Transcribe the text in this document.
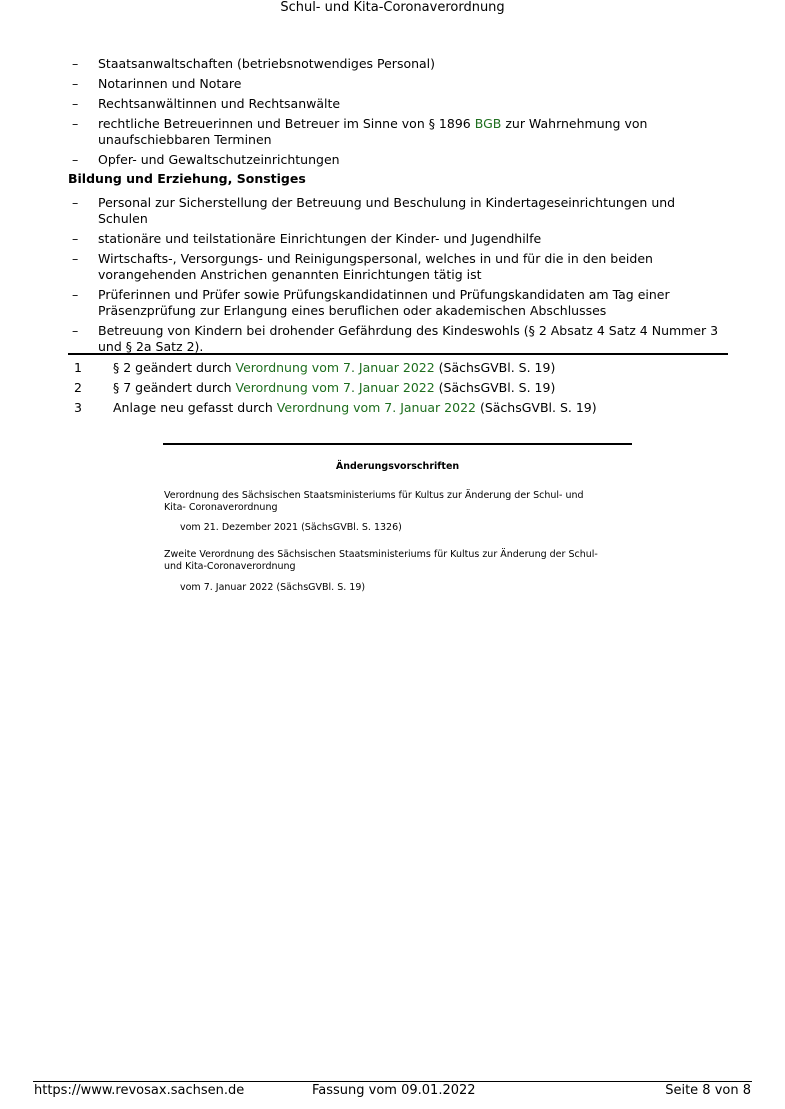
Schul- und Kita-Coronaverordnung
– Staatsanwaltschaften (betriebsnotwendiges Personal)
– Notarinnen und Notare
– Rechtsanwältinnen und Rechtsanwälte
– rechtliche Betreuerinnen und Betreuer im Sinne von § 1896 BGB zur Wahrnehmung von
unaufschiebbaren Terminen
– Opfer- und Gewaltschutzeinrichtungen
Bildung und Erziehung, Sonstiges
– Personal zur Sicherstellung der Betreuung und Beschulung in Kindertageseinrichtungen und Schulen
– stationäre und teilstationäre Einrichtungen der Kinder- und Jugendhilfe
– Wirtschafts-, Versorgungs- und Reinigungspersonal, welches in und für die in den beiden
vorangehenden Anstrichen genannten Einrichtungen tätig ist
– Prüferinnen und Prüfer sowie Prüfungskandidatinnen und Prüfungskandidaten am Tag einer
Präsenzprüfung zur Erlangung eines beruflichen oder akademischen Abschlusses
– Betreuung von Kindern bei drohender Gefährdung des Kindeswohls (§ 2 Absatz 4 Satz 4 Nummer 3
und § 2a Satz 2).
1 § 2 geändert durch Verordnung vom 7. Januar 2022 (SächsGVBl. S. 19)
2 § 7 geändert durch Verordnung vom 7. Januar 2022 (SächsGVBl. S. 19)
3 Anlage neu gefasst durch Verordnung vom 7. Januar 2022 (SächsGVBl. S. 19)
Änderungsvorschriften
Verordnung des Sächsischen Staatsministeriums für Kultus zur Änderung der Schul- und
Kita- Coronaverordnung
vom 21. Dezember 2021 (SächsGVBl. S. 1326)
Zweite Verordnung des Sächsischen Staatsministeriums für Kultus zur Änderung der Schul-
und Kita-Coronaverordnung
vom 7. Januar 2022 (SächsGVBl. S. 19)
https://www.revosax.sachsen.de	Fassung vom 09.01.2022	Seite 8 von 8
